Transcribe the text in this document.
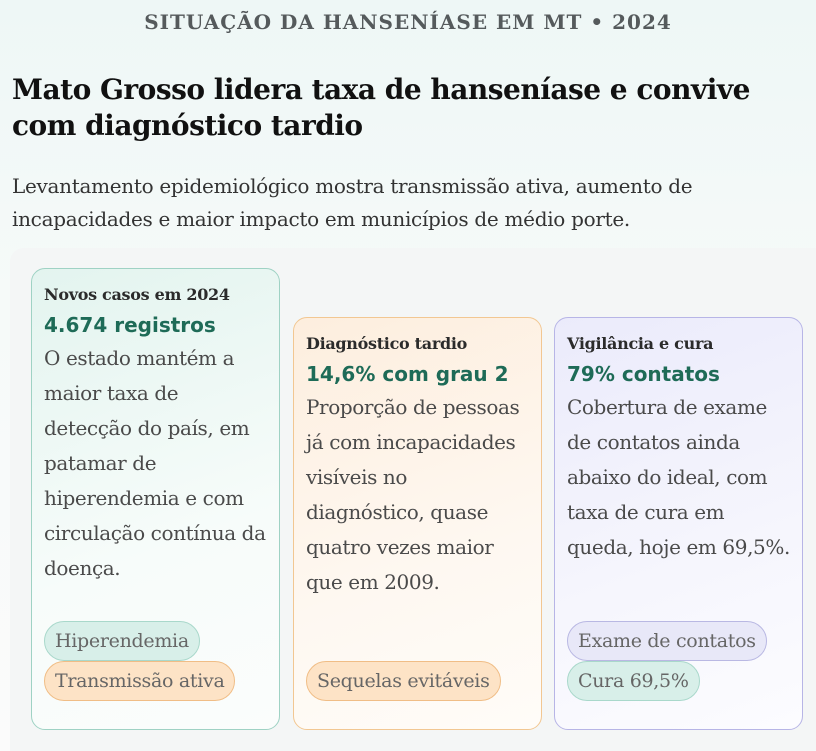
SITUAÇÃO DA HANSENÍASE EM MT • 2024
Mato Grosso lidera taxa de hanseníase e convive com diagnóstico tardio

Levantamento epidemiológico mostra transmissão ativa, aumento de incapacidades e maior impacto em municípios de médio porte.

Novos casos em 2024
4.674 registros
O estado mantém a maior taxa de detecção do país, em patamar de hiperendemia e com circulação contínua da doença.
Hiperendemia
Transmissão ativa
Diagnóstico tardio
14,6% com grau 2
Proporção de pessoas já com incapacidades visíveis no diagnóstico, quase quatro vezes maior que em 2009.
Sequelas evitáveis
Vigilância e cura
79% contatos
Cobertura de exame de contatos ainda abaixo do ideal, com taxa de cura em queda, hoje em 69,5%.
Exame de contatos
Cura 69,5%
